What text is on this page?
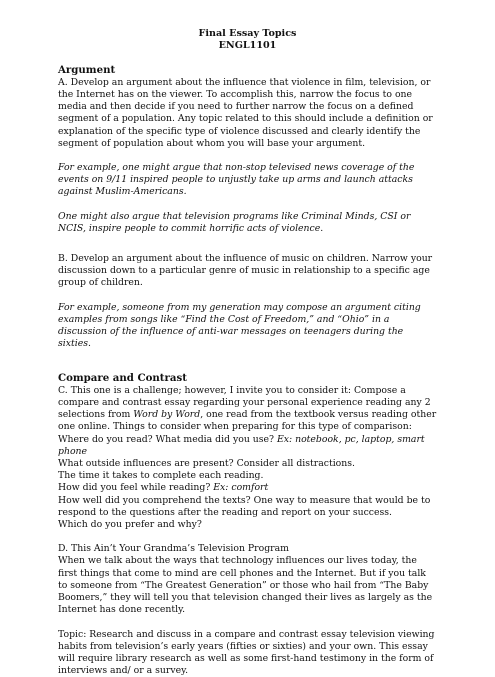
Final Essay Topics
ENGL1101
Argument

A. Develop an argument about the influence that violence in film, television, or the Internet has on the viewer. To accomplish this, narrow the focus to one media and then decide if you need to further narrow the focus on a defined segment of a population. Any topic related to this should include a definition or explanation of the specific type of violence discussed and clearly identify the segment of population about whom you will base your argument.

For example, one might argue that non-stop televised news coverage of the events on 9/11 inspired people to unjustly take up arms and launch attacks against Muslim-Americans.

One might also argue that television programs like Criminal Minds, CSI or NCIS, inspire people to commit horrific acts of violence.

B. Develop an argument about the influence of music on children. Narrow your discussion down to a particular genre of music in relationship to a specific age group of children.

For example, someone from my generation may compose an argument citing examples from songs like “Find the Cost of Freedom,” and “Ohio” in a discussion of the influence of anti-war messages on teenagers during the sixties.

Compare and Contrast

C. This one is a challenge; however, I invite you to consider it: Compose a compare and contrast essay regarding your personal experience reading any 2 selections from Word by Word, one read from the textbook versus reading other one online. Things to consider when preparing for this type of comparison:

Where do you read? What media did you use? Ex: notebook, pc, laptop, smart phone

What outside influences are present? Consider all distractions.

The time it takes to complete each reading.

How did you feel while reading? Ex: comfort

How well did you comprehend the texts? One way to measure that would be to respond to the questions after the reading and report on your success.

Which do you prefer and why?

D. This Ain’t Your Grandma’s Television Program

When we talk about the ways that technology influences our lives today, the first things that come to mind are cell phones and the Internet. But if you talk to someone from “The Greatest Generation” or those who hail from “The Baby Boomers,” they will tell you that television changed their lives as largely as the Internet has done recently.

Topic: Research and discuss in a compare and contrast essay television viewing habits from television’s early years (fifties or sixties) and your own. This essay will require library research as well as some first-hand testimony in the form of interviews and/ or a survey.
